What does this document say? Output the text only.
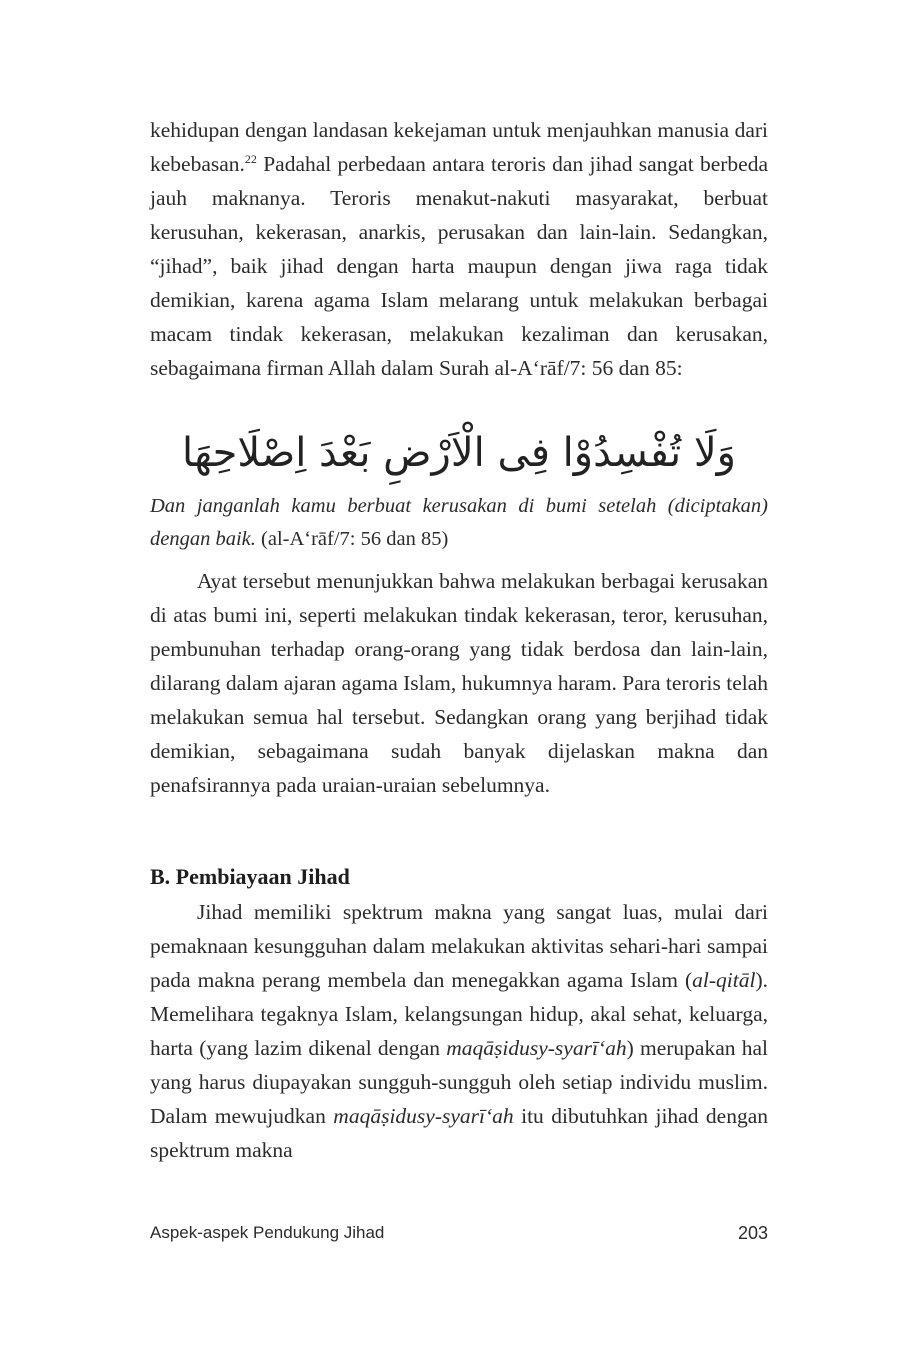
kehidupan dengan landasan kekejaman untuk menjauhkan manusia dari kebebasan.$^{22}$ Padahal perbedaan antara teroris dan jihad sangat berbeda jauh maknanya. Teroris menakut-nakuti masyarakat, berbuat kerusuhan, kekerasan, anarkis, perusakan dan lain-lain. Sedangkan, “jihad”, baik jihad dengan harta maupun dengan jiwa raga tidak demikian, karena agama Islam melarang untuk melakukan berbagai macam tindak kekerasan, melakukan kezaliman dan kerusakan, sebagaimana firman Allah dalam Surah al-A‘rāf/7: 56 dan 85:

وَلَا تُفْسِدُوْا فِى الْاَرْضِ بَعْدَ اِصْلَاحِهَا
Dan janganlah kamu berbuat kerusakan di bumi setelah (diciptakan) dengan baik. (al-A‘rāf/7: 56 dan 85)

Ayat tersebut menunjukkan bahwa melakukan berbagai kerusakan di atas bumi ini, seperti melakukan tindak kekerasan, teror, kerusuhan, pembunuhan terhadap orang-orang yang tidak berdosa dan lain-lain, dilarang dalam ajaran agama Islam, hukumnya haram. Para teroris telah melakukan semua hal tersebut. Sedangkan orang yang berjihad tidak demikian, sebagaimana sudah banyak dijelaskan makna dan penafsirannya pada uraian-uraian sebelumnya.

B. Pembiayaan Jihad

Jihad memiliki spektrum makna yang sangat luas, mulai dari pemaknaan kesungguhan dalam melakukan aktivitas sehari-hari sampai pada makna perang membela dan menegakkan agama Islam (al-qitāl). Memelihara tegaknya Islam, kelangsungan hidup, akal sehat, keluarga, harta (yang lazim dikenal dengan maqāṣidusy-syarī‘ah) merupakan hal yang harus diupayakan sungguh-sungguh oleh setiap individu muslim. Dalam mewujudkan maqāṣidusy-syarī‘ah itu dibutuhkan jihad dengan spektrum makna

Aspek-aspek Pendukung Jihad	203
